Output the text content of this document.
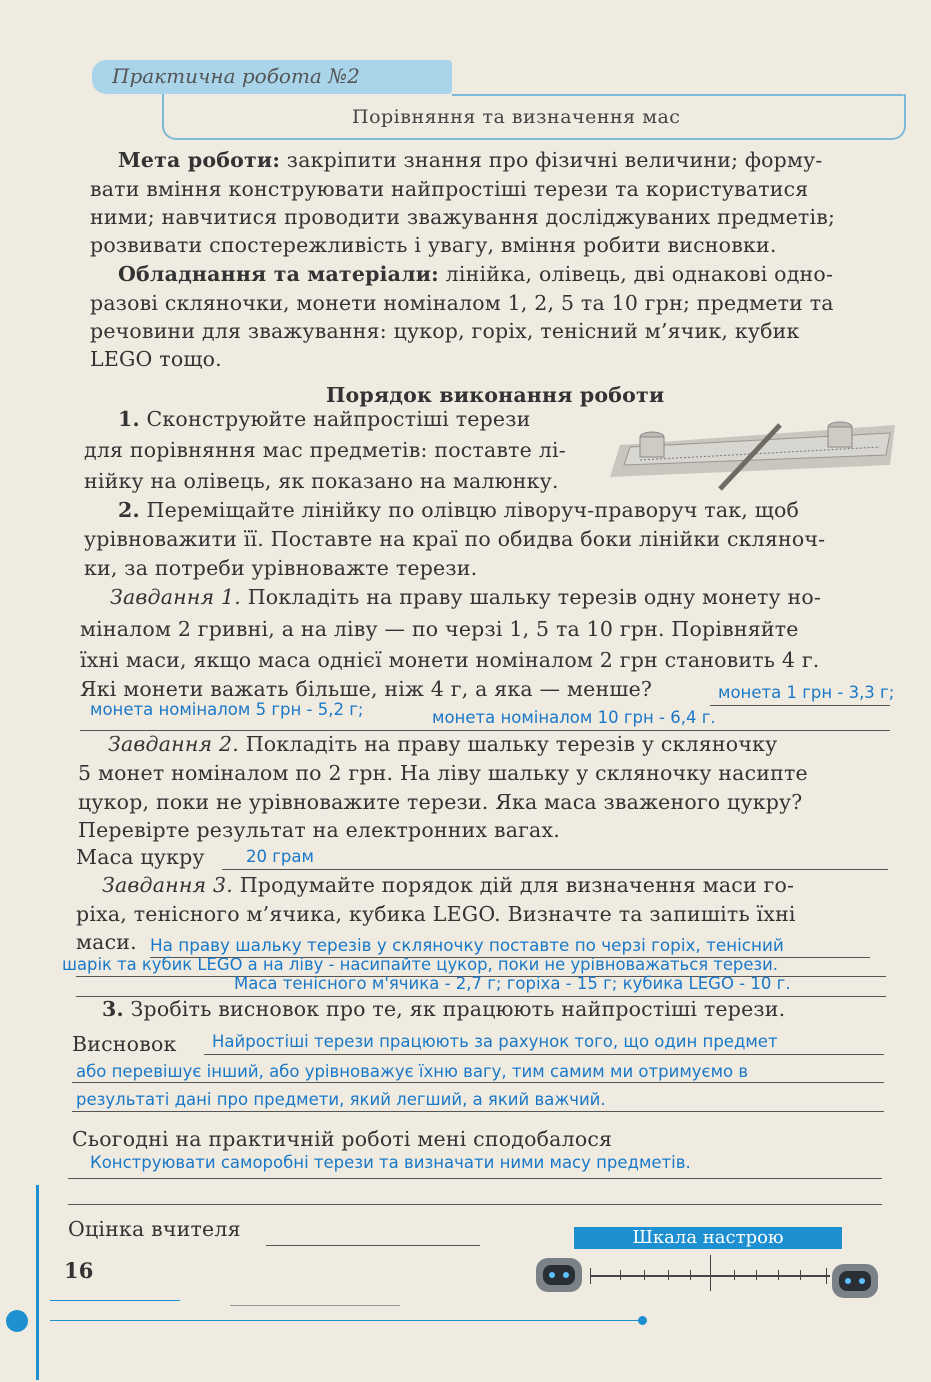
Практична робота №2
Порівняння та визначення мас
Мета роботи: закріпити знання про фізичні величини; форму-
вати вміння конструювати найпростіші терези та користуватися
ними; навчитися проводити зважування досліджуваних предметів;
розвивати спостережливість і увагу, вміння робити висновки.
Обладнання та матеріали: лінійка, олівець, дві однакові одно-
разові скляночки, монети номіналом 1, 2, 5 та 10 грн; предмети та
речовини для зважування: цукор, горіх, тенісний м’ячик, кубик
LEGO тощо.
Порядок виконання роботи
1. Сконструюйте найпростіші терези
для порівняння мас предметів: поставте лі-
нійку на олівець, як показано на малюнку.
2. Переміщайте лінійку по олівцю ліворуч-праворуч так, щоб
урівноважити її. Поставте на краї по обидва боки лінійки скляноч-
ки, за потреби урівноважте терези.
Завдання 1. Покладіть на праву шальку терезів одну монету но-
міналом 2 гривні, а на ліву — по черзі 1, 5 та 10 грн. Порівняйте
їхні маси, якщо маса однієї монети номіналом 2 грн становить 4 г.
Які монети важать більше, ніж 4 г, а яка — менше?	монета 1 грн - 3,3 г;
монета номіналом 5 грн - 5,2 г;	монета номіналом 10 грн - 6,4 г.
Завдання 2. Покладіть на праву шальку терезів у скляночку
5 монет номіналом по 2 грн. На ліву шальку у скляночку насипте
цукор, поки не урівноважите терези. Яка маса зваженого цукру?
Перевірте результат на електронних вагах.
Маса цукру	20 грам
Завдання 3. Продумайте порядок дій для визначення маси го-
ріха, тенісного м’ячика, кубика LEGO. Визначте та запишіть їхні
маси. На праву шальку терезів у скляночку поставте по черзі горіх, тенісний
шарік та кубик LEGO а на ліву - насипайте цукор, поки не урівноважаться терези.
Маса тенісного м'ячика - 2,7 г; горіха - 15 г; кубика LEGO - 10 г.
3. Зробіть висновок про те, як працюють найпростіші терези.
Висновок Найростіші терези працюють за рахунок того, що один предмет
або перевішує інший, або урівноважує їхню вагу, тим самим ми отримуємо в
результаті дані про предмети, який легший, а який важчий.
Сьогодні на практичній роботі мені сподобалося
Конструювати саморобні терези та визначати ними масу предметів.
Оцінка вчителя
16
Шкала настрою
